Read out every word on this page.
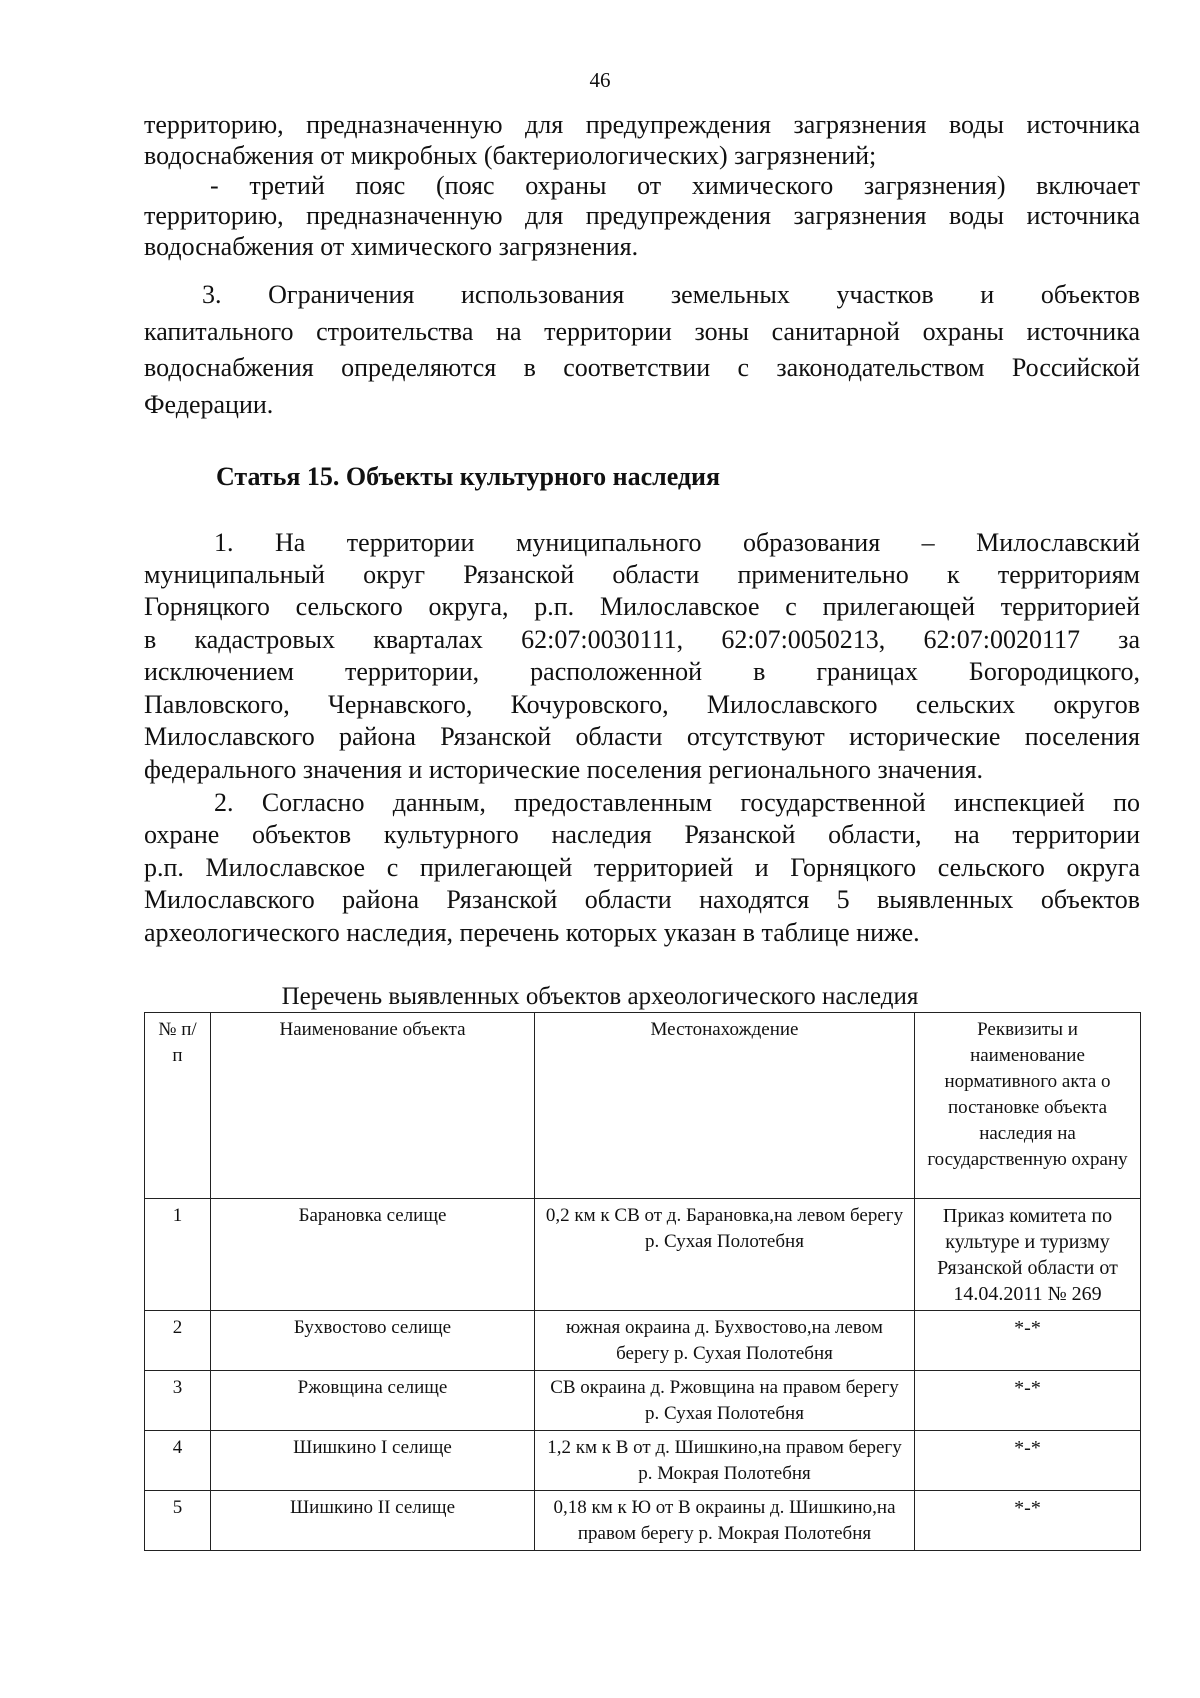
46
территорию, предназначенную для предупреждения загрязнения воды источника
водоснабжения от микробных (бактериологических) загрязнений;
- третий пояс (пояс охраны от химического загрязнения) включает
территорию, предназначенную для предупреждения загрязнения воды источника
водоснабжения от химического загрязнения.
3. Ограничения использования земельных участков и объектов
капитального строительства на территории зоны санитарной охраны источника
водоснабжения определяются в соответствии с законодательством Российской
Федерации.
Статья 15. Объекты культурного наследия
1. На территории муниципального образования – Милославский
муниципальный округ Рязанской области применительно к территориям
Горняцкого сельского округа, р.п. Милославское с прилегающей территорией
в кадастровых кварталах 62:07:0030111, 62:07:0050213, 62:07:0020117 за
исключением территории, расположенной в границах Богородицкого,
Павловского, Чернавского, Кочуровского, Милославского сельских округов
Милославского района Рязанской области отсутствуют исторические поселения
федерального значения и исторические поселения регионального значения.
2. Согласно данным, предоставленным государственной инспекцией по
охране объектов культурного наследия Рязанской области, на территории
р.п. Милославское с прилегающей территорией и Горняцкого сельского округа
Милославского района Рязанской области находятся 5 выявленных объектов
археологического наследия, перечень которых указан в таблице ниже.
Перечень выявленных объектов археологического наследия
№ п/п	Наименование объекта	Местонахождение	Реквизиты и наименование нормативного акта о постановке объекта наследия на государственную охрану
1	Барановка селище	0,2 км к СВ от д. Барановка,на левом берегу р. Сухая Полотебня	Приказ комитета по культуре и туризму Рязанской области от 14.04.2011 № 269
2	Бухвостово селище	южная окраина д. Бухвостово,на левом берегу р. Сухая Полотебня	*-*
3	Ржовщина селище	СВ окраина д. Ржовщина на правом берегу р. Сухая Полотебня	*-*
4	Шишкино I селище	1,2 км к В от д. Шишкино,на правом берегу р. Мокрая Полотебня	*-*
5	Шишкино II селище	0,18 км к Ю от В окраины д. Шишкино,на правом берегу р. Мокрая Полотебня	*-*
